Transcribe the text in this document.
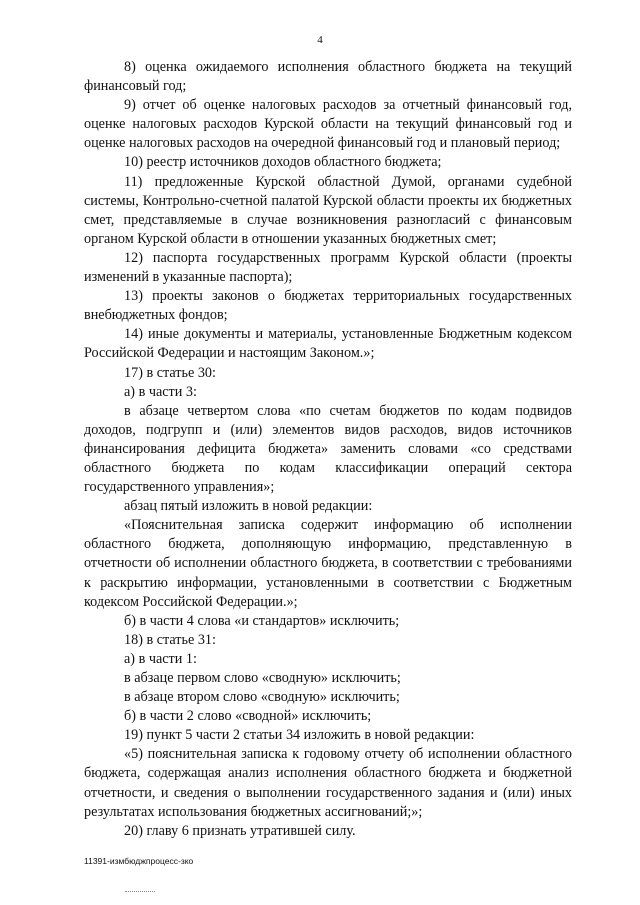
4

8) оценка ожидаемого исполнения областного бюджета на текущий финансовый год;

9) отчет об оценке налоговых расходов за отчетный финансовый год, оценке налоговых расходов Курской области на текущий финансовый год и оценке налоговых расходов на очередной финансовый год и плановый период;

10) реестр источников доходов областного бюджета;

11) предложенные Курской областной Думой, органами судебной системы, Контрольно-счетной палатой Курской области проекты их бюджетных смет, представляемые в случае возникновения разногласий с финансовым органом Курской области в отношении указанных бюджетных смет;

12) паспорта государственных программ Курской области (проекты изменений в указанные паспорта);

13) проекты законов о бюджетах территориальных государственных внебюджетных фондов;

14) иные документы и материалы, установленные Бюджетным кодексом Российской Федерации и настоящим Законом.»;

17) в статье 30:

а) в части 3:

в абзаце четвертом слова «по счетам бюджетов по кодам подвидов доходов, подгрупп и (или) элементов видов расходов, видов источников финансирования дефицита бюджета» заменить словами «со средствами областного бюджета по кодам классификации операций сектора государственного управления»;

абзац пятый изложить в новой редакции:

«Пояснительная записка содержит информацию об исполнении областного бюджета, дополняющую информацию, представленную в отчетности об исполнении областного бюджета, в соответствии с требованиями к раскрытию информации, установленными в соответствии с Бюджетным кодексом Российской Федерации.»;

б) в части 4 слова «и стандартов» исключить;

18) в статье 31:

а) в части 1:

в абзаце первом слово «сводную» исключить;

в абзаце втором слово «сводную» исключить;

б) в части 2 слово «сводной» исключить;

19) пункт 5 части 2 статьи 34 изложить в новой редакции:

«5) пояснительная записка к годовому отчету об исполнении областного бюджета, содержащая анализ исполнения областного бюджета и бюджетной отчетности, и сведения о выполнении государственного задания и (или) иных результатах использования бюджетных ассигнований;»;

20) главу 6 признать утратившей силу.

11391-измбюджпроцесс-зко
